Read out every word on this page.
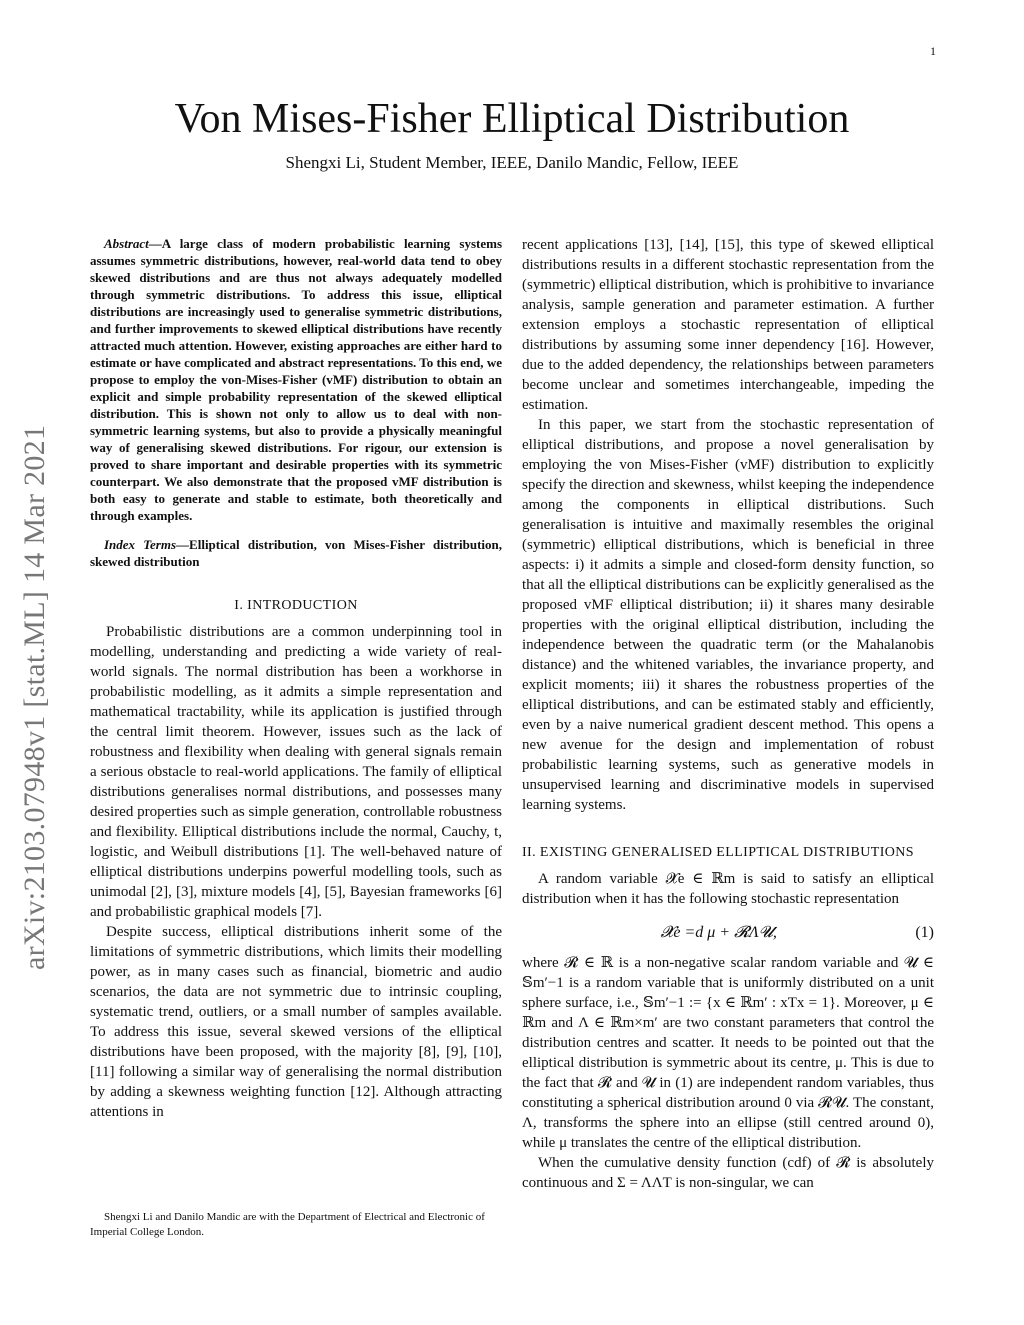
1
arXiv:2103.07948v1 [stat.ML] 14 Mar 2021
Von Mises-Fisher Elliptical Distribution
Shengxi Li, Student Member, IEEE, Danilo Mandic, Fellow, IEEE
Abstract—A large class of modern probabilistic learning systems assumes symmetric distributions, however, real-world data tend to obey skewed distributions and are thus not always adequately modelled through symmetric distributions. To address this issue, elliptical distributions are increasingly used to generalise symmetric distributions, and further improvements to skewed elliptical distributions have recently attracted much attention. However, existing approaches are either hard to estimate or have complicated and abstract representations. To this end, we propose to employ the von-Mises-Fisher (vMF) distribution to obtain an explicit and simple probability representation of the skewed elliptical distribution. This is shown not only to allow us to deal with non-symmetric learning systems, but also to provide a physically meaningful way of generalising skewed distributions. For rigour, our extension is proved to share important and desirable properties with its symmetric counterpart. We also demonstrate that the proposed vMF distribution is both easy to generate and stable to estimate, both theoretically and through examples.
Index Terms—Elliptical distribution, von Mises-Fisher distribution, skewed distribution
I. INTRODUCTION

Probabilistic distributions are a common underpinning tool in modelling, understanding and predicting a wide variety of real-world signals. The normal distribution has been a workhorse in probabilistic modelling, as it admits a simple representation and mathematical tractability, while its application is justified through the central limit theorem. However, issues such as the lack of robustness and flexibility when dealing with general signals remain a serious obstacle to real-world applications. The family of elliptical distributions generalises normal distributions, and possesses many desired properties such as simple generation, controllable robustness and flexibility. Elliptical distributions include the normal, Cauchy, t, logistic, and Weibull distributions [1]. The well-behaved nature of elliptical distributions underpins powerful modelling tools, such as unimodal [2], [3], mixture models [4], [5], Bayesian frameworks [6] and probabilistic graphical models [7].

Despite success, elliptical distributions inherit some of the limitations of symmetric distributions, which limits their modelling power, as in many cases such as financial, biometric and audio scenarios, the data are not symmetric due to intrinsic coupling, systematic trend, outliers, or a small number of samples available. To address this issue, several skewed versions of the elliptical distributions have been proposed, with the majority [8], [9], [10], [11] following a similar way of generalising the normal distribution by adding a skewness weighting function [12]. Although attracting attentions in

Shengxi Li and Danilo Mandic are with the Department of Electrical and Electronic of Imperial College London.

recent applications [13], [14], [15], this type of skewed elliptical distributions results in a different stochastic representation from the (symmetric) elliptical distribution, which is prohibitive to invariance analysis, sample generation and parameter estimation. A further extension employs a stochastic representation of elliptical distributions by assuming some inner dependency [16]. However, due to the added dependency, the relationships between parameters become unclear and sometimes interchangeable, impeding the estimation.

In this paper, we start from the stochastic representation of elliptical distributions, and propose a novel generalisation by employing the von Mises-Fisher (vMF) distribution to explicitly specify the direction and skewness, whilst keeping the independence among the components in elliptical distributions. Such generalisation is intuitive and maximally resembles the original (symmetric) elliptical distributions, which is beneficial in three aspects: i) it admits a simple and closed-form density function, so that all the elliptical distributions can be explicitly generalised as the proposed vMF elliptical distribution; ii) it shares many desirable properties with the original elliptical distribution, including the independence between the quadratic term (or the Mahalanobis distance) and the whitened variables, the invariance property, and explicit moments; iii) it shares the robustness properties of the elliptical distributions, and can be estimated stably and efficiently, even by a naive numerical gradient descent method. This opens a new avenue for the design and implementation of robust probabilistic learning systems, such as generative models in unsupervised learning and discriminative models in supervised learning systems.

II. EXISTING GENERALISED ELLIPTICAL DISTRIBUTIONS

A random variable 𝓧e ∈ ℝm is said to satisfy an elliptical distribution when it has the following stochastic representation

𝓧e =d μ + 𝓡Λ𝓤,	(1)

where 𝓡 ∈ ℝ is a non-negative scalar random variable and 𝓤 ∈ 𝕊m′−1 is a random variable that is uniformly distributed on a unit sphere surface, i.e., 𝕊m′−1 := {x ∈ ℝm′ : xTx = 1}. Moreover, μ ∈ ℝm and Λ ∈ ℝm×m′ are two constant parameters that control the distribution centres and scatter. It needs to be pointed out that the elliptical distribution is symmetric about its centre, μ. This is due to the fact that 𝓡 and 𝓤 in (1) are independent random variables, thus constituting a spherical distribution around 0 via 𝓡𝓤. The constant, Λ, transforms the sphere into an ellipse (still centred around 0), while μ translates the centre of the elliptical distribution.

When the cumulative density function (cdf) of 𝓡 is absolutely continuous and Σ = ΛΛT is non-singular, we can
